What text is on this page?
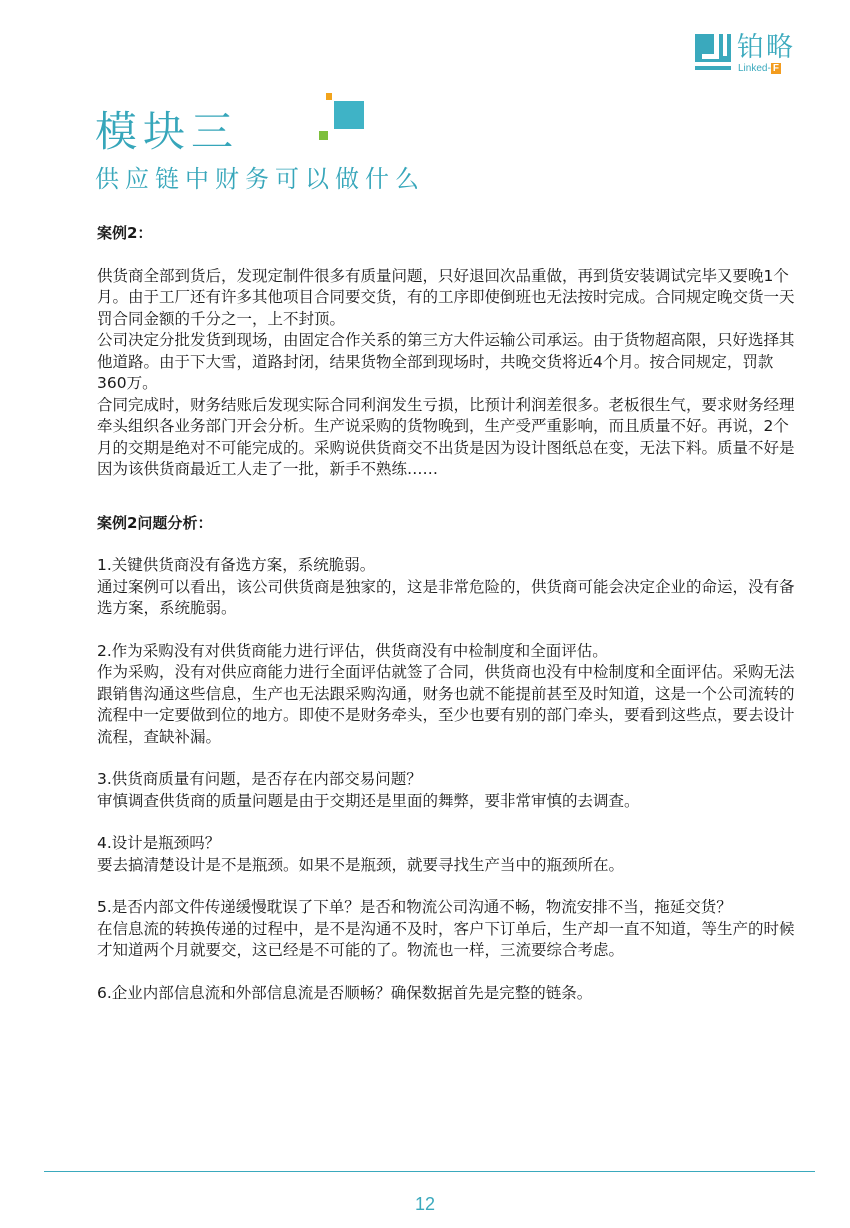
铂略
Linked- F
模块三
供应链中财务可以做什么

案例2：

供货商全部到货后，发现定制件很多有质量问题，只好退回次品重做，再到货安装调试完毕又要晚1个月。由于工厂还有许多其他项目合同要交货，有的工序即使倒班也无法按时完成。合同规定晚交货一天罚合同金额的千分之一，上不封顶。

公司决定分批发货到现场，由固定合作关系的第三方大件运输公司承运。由于货物超高限，只好选择其他道路。由于下大雪，道路封闭，结果货物全部到现场时，共晚交货将近4个月。按合同规定，罚款360万。

合同完成时，财务结账后发现实际合同利润发生亏损，比预计利润差很多。老板很生气，要求财务经理牵头组织各业务部门开会分析。生产说采购的货物晚到，生产受严重影响，而且质量不好。再说，2个月的交期是绝对不可能完成的。采购说供货商交不出货是因为设计图纸总在变，无法下料。质量不好是因为该供货商最近工人走了一批，新手不熟练……

案例2问题分析：

1.关键供货商没有备选方案，系统脆弱。

通过案例可以看出，该公司供货商是独家的，这是非常危险的，供货商可能会决定企业的命运，没有备选方案，系统脆弱。

2.作为采购没有对供货商能力进行评估，供货商没有中检制度和全面评估。

作为采购，没有对供应商能力进行全面评估就签了合同，供货商也没有中检制度和全面评估。采购无法跟销售沟通这些信息，生产也无法跟采购沟通，财务也就不能提前甚至及时知道，这是一个公司流转的流程中一定要做到位的地方。即使不是财务牵头，至少也要有别的部门牵头，要看到这些点，要去设计流程，查缺补漏。

3.供货商质量有问题，是否存在内部交易问题？

审慎调查供货商的质量问题是由于交期还是里面的舞弊，要非常审慎的去调查。

4.设计是瓶颈吗？

要去搞清楚设计是不是瓶颈。如果不是瓶颈，就要寻找生产当中的瓶颈所在。

5.是否内部文件传递缓慢耽误了下单？是否和物流公司沟通不畅，物流安排不当，拖延交货？

在信息流的转换传递的过程中，是不是沟通不及时，客户下订单后，生产却一直不知道，等生产的时候才知道两个月就要交，这已经是不可能的了。物流也一样，三流要综合考虑。

6.企业内部信息流和外部信息流是否顺畅？确保数据首先是完整的链条。

12
